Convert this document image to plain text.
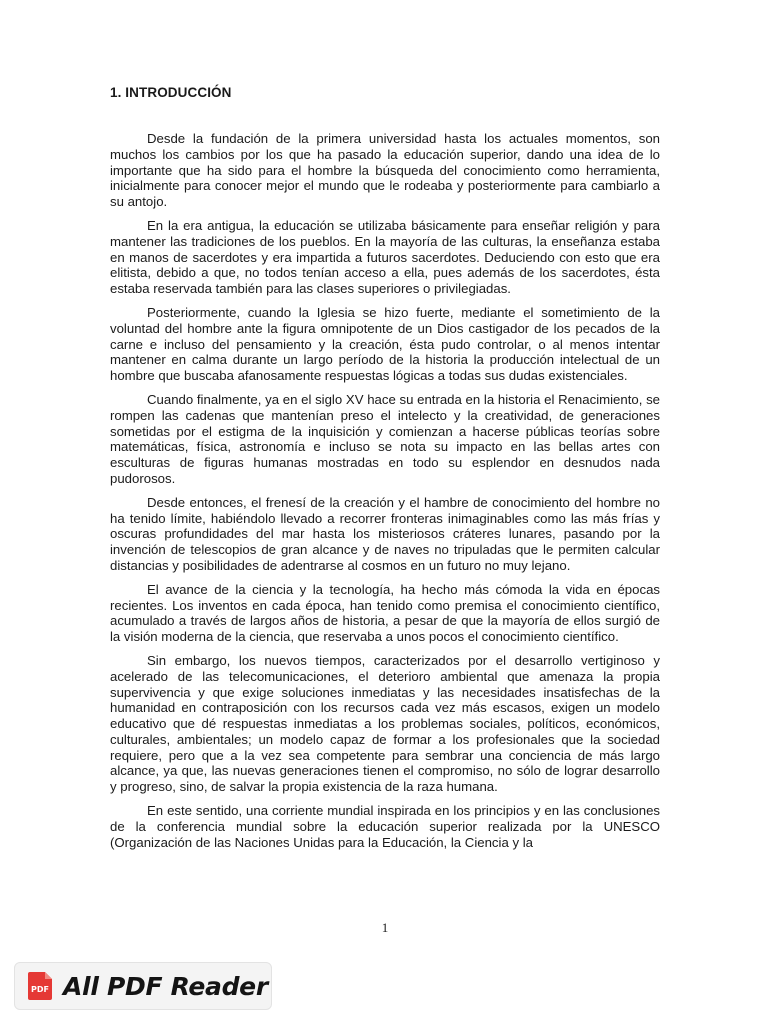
1. INTRODUCCIÓN

Desde la fundación de la primera universidad hasta los actuales momentos, son muchos los cambios por los que ha pasado la educación superior, dando una idea de lo importante que ha sido para el hombre la búsqueda del conocimiento como herramienta, inicialmente para conocer mejor el mundo que le rodeaba y posteriormente para cambiarlo a su antojo.

En la era antigua, la educación se utilizaba básicamente para enseñar religión y para mantener las tradiciones de los pueblos. En la mayoría de las culturas, la enseñanza estaba en manos de sacerdotes y era impartida a futuros sacerdotes. Deduciendo con esto que era elitista, debido a que, no todos tenían acceso a ella, pues además de los sacerdotes, ésta estaba reservada también para las clases superiores o privilegiadas.

Posteriormente, cuando la Iglesia se hizo fuerte, mediante el sometimiento de la voluntad del hombre ante la figura omnipotente de un Dios castigador de los pecados de la carne e incluso del pensamiento y la creación, ésta pudo controlar, o al menos intentar mantener en calma durante un largo período de la historia la producción intelectual de un hombre que buscaba afanosamente respuestas lógicas a todas sus dudas existenciales.

Cuando finalmente, ya en el siglo XV hace su entrada en la historia el Renacimiento, se rompen las cadenas que mantenían preso el intelecto y la creatividad, de generaciones sometidas por el estigma de la inquisición y comienzan a hacerse públicas teorías sobre matemáticas, física, astronomía e incluso se nota su impacto en las bellas artes con esculturas de figuras humanas mostradas en todo su esplendor en desnudos nada pudorosos.

Desde entonces, el frenesí de la creación y el hambre de conocimiento del hombre no ha tenido límite, habiéndolo llevado a recorrer fronteras inimaginables como las más frías y oscuras profundidades del mar hasta los misteriosos cráteres lunares, pasando por la invención de telescopios de gran alcance y de naves no tripuladas que le permiten calcular distancias y posibilidades de adentrarse al cosmos en un futuro no muy lejano.

El avance de la ciencia y la tecnología, ha hecho más cómoda la vida en épocas recientes. Los inventos en cada época, han tenido como premisa el conocimiento científico, acumulado a través de largos años de historia, a pesar de que la mayoría de ellos surgió de la visión moderna de la ciencia, que reservaba a unos pocos el conocimiento científico.

Sin embargo, los nuevos tiempos, caracterizados por el desarrollo vertiginoso y acelerado de las telecomunicaciones, el deterioro ambiental que amenaza la propia supervivencia y que exige soluciones inmediatas y las necesidades insatisfechas de la humanidad en contraposición con los recursos cada vez más escasos, exigen un modelo educativo que dé respuestas inmediatas a los problemas sociales, políticos, económicos, culturales, ambientales; un modelo capaz de formar a los profesionales que la sociedad requiere, pero que a la vez sea competente para sembrar una conciencia de más largo alcance, ya que, las nuevas generaciones tienen el compromiso, no sólo de lograr desarrollo y progreso, sino, de salvar la propia existencia de la raza humana.

En este sentido, una corriente mundial inspirada en los principios y en las conclusiones de la conferencia mundial sobre la educación superior realizada por la UNESCO (Organización de las Naciones Unidas para la Educación, la Ciencia y la

1
PDF All PDF Reader
